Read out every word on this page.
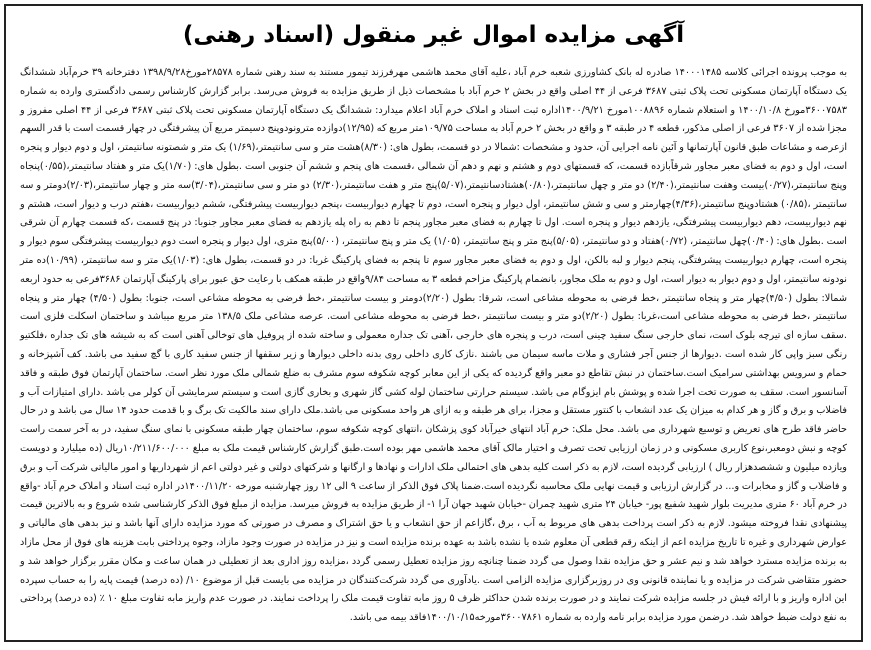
آگهی مزایده اموال غیر منقول (اسناد رهنی)

به موجب پرونده اجرائی کلاسه ۱۴۰۰۰۱۴۸۵ صادره له بانک کشاورزی شعبه خرم آباد ،علیه آقای محمد هاشمی مهرفرزند تیمور مستند به سند رهنی شماره ۲۸۵۷۸مورخ۱۳۹۸/۹/۲۸ دفترخانه ۳۹ خرم‌آباد ششدانگ یک دستگاه آپارتمان مسکونی تحت پلاک ثبتی ۳۶۸۷ فرعی از ۴۴ اصلی واقع در بخش ۲ خرم آباد با مشخصات ذیل از طریق مزایده به فروش می‌رسد. برابر گزارش کارشناس رسمی دادگستری وارده به شماره ۳۶۰۰۷۵۸۳مورخ ۱۴۰۰/۱۰/۸ و استعلام شماره ۱۰۰۸۸۹۶مورخ ۱۴۰۰/۹/۲۱اداره ثبت اسناد و املاک خرم آباد اعلام میدارد: ششدانگ یک دستگاه آپارتمان مسکونی تحت پلاک ثبتی ۳۶۸۷ فرعی از ۴۴ اصلی مفروز و مجزا شده از ۳۶۰۷ فرعی از اصلی مذکور، قطعه ۴ در طبقه ۳ و واقع در بخش ۲ خرم آباد به مساحت ۱۰۹/۷۵متر مربع که (۱۲/۹۵)دوازده مترونودوپنج دسیمتر مربع آن پیشرفتگی در چهار قسمت است با قدر السهم ازعرصه و مشاعات طبق قانون آپارتمانها و آئین نامه اجرایی آن، حدود و مشخصات :شمالا در دو قسمت، بطول های: (۸/۳۰)هشت متر و سی سانتیمتر،(۱/۶۹) یک متر و شصتونه سانتیمتر، اول و دوم دیوار و پنجره است، اول و دوم به فضای معبر مجاور شرقاًبازده قسمت، که قسمتهای دوم و هشتم و نهم و دهم آن شمالی ،قسمت های پنجم و ششم آن جنوبی است .بطول های: (۱/۷۰)یک متر و هفتاد سانتیمتر،(۰/۵۵)پنجاه وپنج سانتیمتر،(۰/۲۷)بیست وهفت سانتیمتر،(۲/۴۰) دو متر و چهل سانتیمتر،(۰/۸۰)هشتادسانتیمتر،(۵/۰۷)پنج متر و هفت سانتیمتر،(۲/۳۰) دو متر و سی سانتیمتر،(۳/۰۴)سه متر و چهار سانتیمتر،(۲/۰۳)دومتر و سه سانتیمتر ،(۰/۸۵) هشتادوپنج سانتیمتر،(۴/۳۶)چهارمتر و سی و شش سانتیمتر، اول دیوار و پنجره است، دوم تا چهارم دیواربیست ،پنجم دیواربیست پیشرفتگی، ششم دیواربیست ،هفتم درب و دیوار است، هشتم و نهم دیواربیست، دهم دیواربیست پیشرفتگی، یازدهم دیوار و پنجره است. اول تا چهارم به فضای معبر مجاور پنجم تا دهم به راه پله یازدهم به فضای معبر مجاور جنوبا: در پنج قسمت ،که قسمت چهارم آن شرقی است .بطول های: (۰/۴۰)چهل سانتیمتر، (۰/۷۲)هفتاد و دو سانتیمتر، (۵/۰۵)پنج متر و پنج سانتیمتر، (۱/۰۵) یک متر و پنج سانتیمتر، (۵/۰۰)پنج متری، اول دیوار و پنجره است دوم دیواربیست پیشرفتگی سوم دیوار و پنجره است، چهارم دیواربیست پیشرفتگی، پنجم دیوار و لبه بالکن، اول و دوم به فضای معبر مجاور سوم تا پنجم به فضای پارکینگ غربا: در دو قسمت، بطول های: (۱/۰۳)یک متر و سه سانتیمتر، (۱۰/۹۹)ده متر نودونه سانتیمتر، اول و دوم دیوار به دیوار است، اول و دوم به ملک مجاور، بانضمام پارکینگ مزاحم قطعه ۳ به مساحت ۹/۸۴واقع در طبقه همکف با رعایت حق عبور برای پارکینگ آپارتمان ۳۶۸۶فرعی به حدود اربعه شمالا: بطول (۴/۵۰)چهار متر و پنجاه سانتیمتر ،خط فرضی به محوطه مشاعی است، شرقا: بطول (۲/۲۰)دومتر و بیست سانتیمتر ،خط فرضی به محوطه مشاعی است، جنوبا: بطول (۴/۵۰) چهار متر و پنجاه سانتیمتر ،خط فرضی به محوطه مشاعی است،غربا: بطول (۲/۲۰)دو متر و بیست سانتیمتر ،خط فرضی به محوطه مشاعی است. عرصه مشاعی ملک ۱۳۸/۵ متر مربع میباشد و ساختمان اسکلت فلزی است .سقف سازه ای تیرچه بلوک است، نمای خارجی سنگ سفید چینی است، درب و پنجره های خارجی ،آهنی تک جداره معمولی و ساخته شده از پروفیل های توخالی آهنی است که به شیشه های تک جداره ،فلکتیو رنگی سبز واپی کار شده است .دیوارها از جنس آجر فشاری و ملات ماسه سیمان می باشند .نازک کاری داخلی روی بدنه داخلی دیوارها و زیر سقفها از جنس سفید کاری با گچ سفید می باشد. کف آشپزخانه و حمام و سرویس بهداشتی سرامیک است.ساختمان در نبش تقاطع دو معبر واقع گردیده که یکی از این معابر کوچه شکوفه سوم مشرف به ضلع شمالی ملک مورد نظر است. ساختمان آپارتمان فوق طبقه و فاقد آسانسور است. سقف به صورت تخت اجرا شده و پوشش بام ایزوگام می باشد. سیستم حرارتی ساختمان لوله کشی گاز شهری و بخاری گازی است و سیستم سرمایشی آن کولر می باشد .دارای امتیازات آب و فاضلاب و برق و گاز و هر کدام به میزان یک عدد انشعاب با کنتور مستقل و مجزا، برای هر طبقه و به ازای هر واحد مسکونی می باشد.ملک دارای سند مالکیت تک برگ و با قدمت حدود ۱۴ سال می باشد و در حال حاضر فاقد طرح های تعریض و توسیع شهرداری می باشد. محل ملک: خرم آباد انتهای خیرآباد کوی پزشکان ،انتهای کوچه شکوفه سوم، ساختمان چهار طبقه مسکونی با نمای سنگ سفید، در به آخر سمت راست کوچه و نبش دومعبر،نوع کاربری مسکونی و در زمان ارزیابی تحت تصرف و اختیار مالک آقای محمد هاشمی مهر بوده است.طبق گزارش کارشناس قیمت ملک به مبلغ ۱۰/۲۱۱/۶۰۰/۰۰۰ریال (ده میلیارد و دویست ویازده میلیون و ششصدهزار ریال ) ارزیابی گردیده است، لازم به ذکر است کلیه بدهی های احتمالی ملک ادارات و نهادها و ارگانها و شرکتهای دولتی و غیر دولتی اعم از شهرداریها و امور مالیاتی شرکت آب و برق و فاضلاب و گاز و مخابرات و... در گزارش ارزیابی و قیمت نهایی ملک محاسبه نگردیده است.ضمنا پلاک فوق الذکر از ساعت ۹ الی ۱۲ روز چهارشنبه مورخه ۱۴۰۰/۱۱/۲۰در اداره ثبت اسناد و املاک خرم آباد -واقع در خرم آباد ۶۰ متری مدیریت بلوار شهید شفیع پور- خیابان ۲۴ متری شهید چمران -خیابان شهید جهان آرا ۱- از طریق مزایده به فروش میرسد. مزایده از مبلغ فوق الذکر کارشناسی شده شروع و به بالاترین قیمت پیشنهادی نقدا فروخته میشود. لازم به ذکر است پرداخت بدهی های مربوط به آب ، برق ،گازاعم از حق انشعاب و یا حق اشتراک و مصرف در صورتی که مورد مزایده دارای آنها باشد و نیز بدهی های مالیاتی و عوارض شهرداری و غیره تا تاریخ مزایده اعم از اینکه رقم قطعی آن معلوم شده یا نشده باشد به عهده برنده مزایده است و نیز در مزایده در صورت وجود مازاد، وجوه پرداختی بابت هزینه های فوق از محل مازاد به برنده مزایده مسترد خواهد شد و نیم عشر و حق مزایده نقدا وصول می گردد ضمنا چنانچه روز مزایده تعطیل رسمی گردد ،مزایده روز اداری بعد از تعطیلی در همان ساعت و مکان مقرر برگزار خواهد شد و حضور متقاضی شرکت در مزایده و یا نماینده قانونی وی در روزبرگزاری مزایده الزامی است .یادآوری می گردد شرکت‌کنندگان در مزایده می بایست قبل از موضوع ۱۰/ (ده درصد) قیمت پایه را به حساب سپرده این اداره واریز و با ارائه فیش در جلسه مزایده شرکت نمایند و در صورت برنده شدن حداکثر ظرف ۵ روز مابه تفاوت قیمت ملک را پرداخت نمایند. در صورت عدم واریز مابه تفاوت مبلغ ۱۰ ٪ (ده درصد) پرداختی به نفع دولت ضبط خواهد شد. درضمن مورد مزایده برابر نامه وارده به شماره ۳۶۰۰۷۸۶۱مورخه۱۴۰۰/۱۰/۱۵فاقد بیمه می باشد.
